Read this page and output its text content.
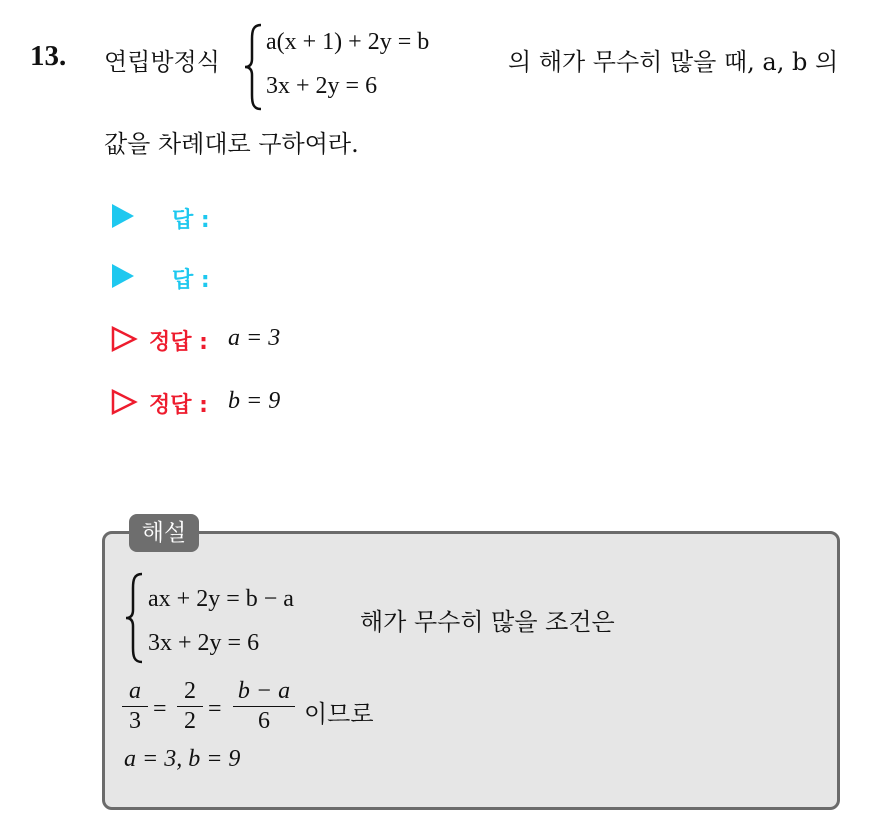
13. 연립방정식
a(x + 1) + 2y = b
3x + 2y = 6
의 해가 무수히 많을 때, a, b 의
값을 차례대로 구하여라.
답 :
답 :
정답 : a = 3
정답 : b = 9
해설
ax + 2y = b − a
3x + 2y = 6
해가 무수히 많을 조건은
a
3 =
2
2 =
b − a
6	이므로
a = 3, b = 9
